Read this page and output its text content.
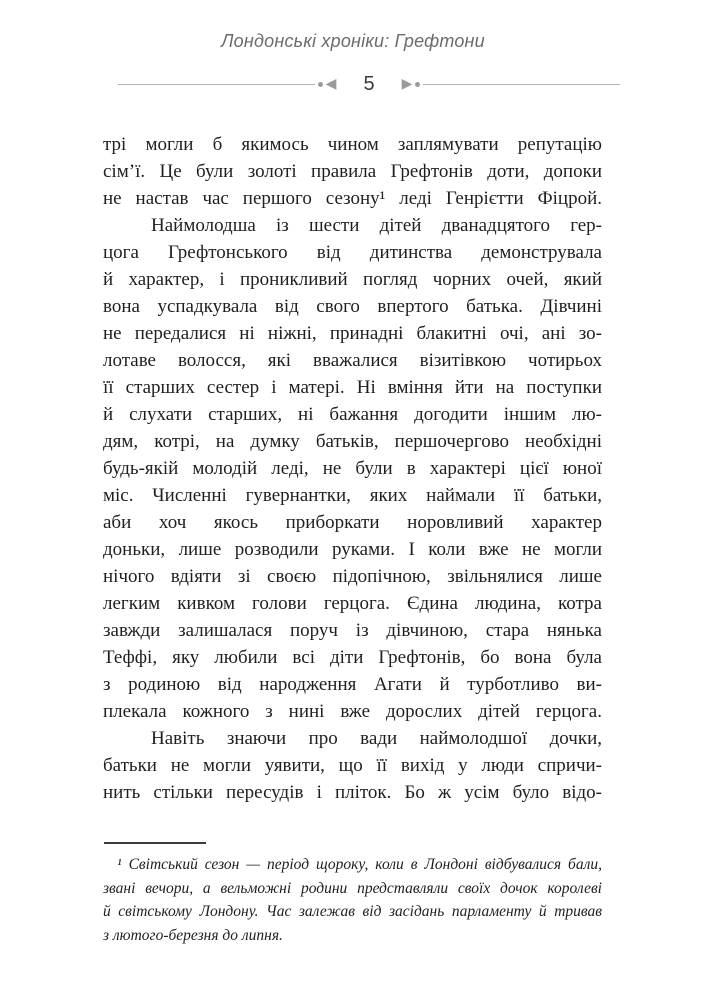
Лондонські хроніки: Грефтони
◀ 5 ▶
трі могли б якимось чином заплямувати репутацію
сім’ї. Це були золоті правила Грефтонів доти, допоки
не настав час першого сезону¹ леді Генрієтти Фіцрой.
Наймолодша із шести дітей дванадцятого гер-
цога Грефтонського від дитинства демонструвала
й характер, і проникливий погляд чорних очей, який
вона успадкувала від свого впертого батька. Дівчині
не передалися ні ніжні, принадні блакитні очі, ані зо-
лотаве волосся, які вважалися візитівкою чотирьох
її старших сестер і матері. Ні вміння йти на поступки
й слухати старших, ні бажання догодити іншим лю-
дям, котрі, на думку батьків, першочергово необхідні
будь-якій молодій леді, не були в характері цієї юної
міс. Численні гувернантки, яких наймали її батьки,
аби хоч якось приборкати норовливий характер
доньки, лише розводили руками. І коли вже не могли
нічого вдіяти зі своєю підопічною, звільнялися лише
легким кивком голови герцога. Єдина людина, котра
завжди залишалася поруч із дівчиною, стара нянька
Теффі, яку любили всі діти Грефтонів, бо вона була
з родиною від народження Агати й турботливо ви-
плекала кожного з нині вже дорослих дітей герцога.
Навіть знаючи про вади наймолодшої дочки,
батьки не могли уявити, що її вихід у люди спричи-
нить стільки пересудів і пліток. Бо ж усім було відо-
¹ Світський сезон — період щороку, коли в Лондоні відбувалися бали,
звані вечори, а вельможні родини представляли своїх дочок королеві
й світському Лондону. Час залежав від засідань парламенту й тривав
з лютого-березня до липня.
